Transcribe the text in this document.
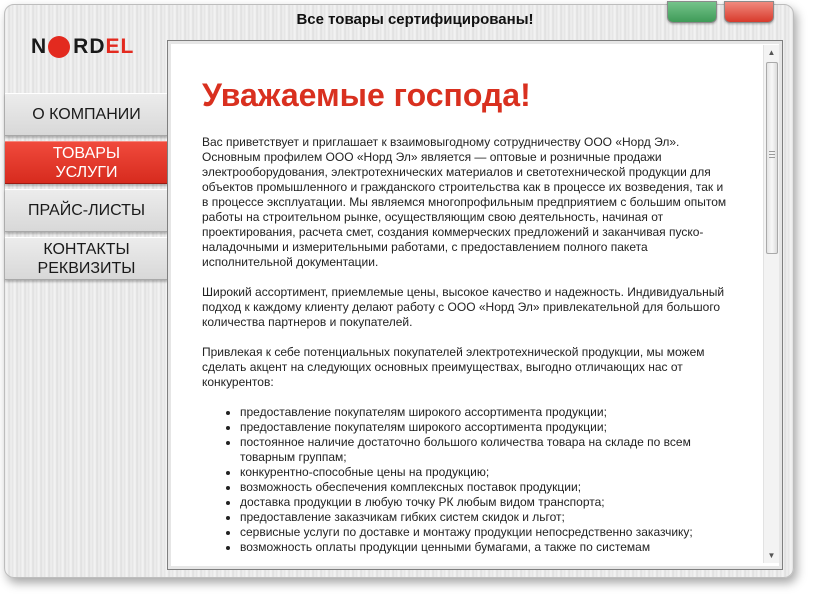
Все товары сертифицированы!
N RD EL
О КОМПАНИИ
ТОВАРЫ
УСЛУГИ
ПРАЙС-ЛИСТЫ
КОНТАКТЫ
РЕКВИЗИТЫ
Уважаемые господа!

Вас приветствует и приглашает к взаимовыгодному сотрудничеству ООО «Норд Эл». Основным профилем ООО «Норд Эл» является — оптовые и розничные продажи электрооборудования, электротехнических материалов и светотехнической продукции для объектов промышленного и гражданского строительства как в процессе их возведения, так и в процессе эксплуатации. Мы являемся многопрофильным предприятием с большим опытом работы на строительном рынке, осуществляющим свою деятельность, начиная от проектирования, расчета смет, создания коммерческих предложений и заканчивая пуско-наладочными и измерительными работами, с предоставлением полного пакета исполнительной документации.

Широкий ассортимент, приемлемые цены, высокое качество и надежность. Индивидуальный подход к каждому клиенту делают работу с ООО «Норд Эл» привлекательной для большого количества партнеров и покупателей.

Привлекая к себе потенциальных покупателей электротехнической продукции, мы можем сделать акцент на следующих основных преимуществах, выгодно отличающих нас от конкурентов:

• предоставление покупателям широкого ассортимента продукции;
• предоставление покупателям широкого ассортимента продукции;
• постоянное наличие достаточно большого количества товара на складе по всем товарным группам;
• конкурентно-способные цены на продукцию;
• возможность обеспечения комплексных поставок продукции;
• доставка продукции в любую точку РК любым видом транспорта;
• предоставление заказчикам гибких систем скидок и льгот;
• сервисные услуги по доставке и монтажу продукции непосредственно заказчику;
• возможность оплаты продукции ценными бумагами, а также по системам
▲
▼
